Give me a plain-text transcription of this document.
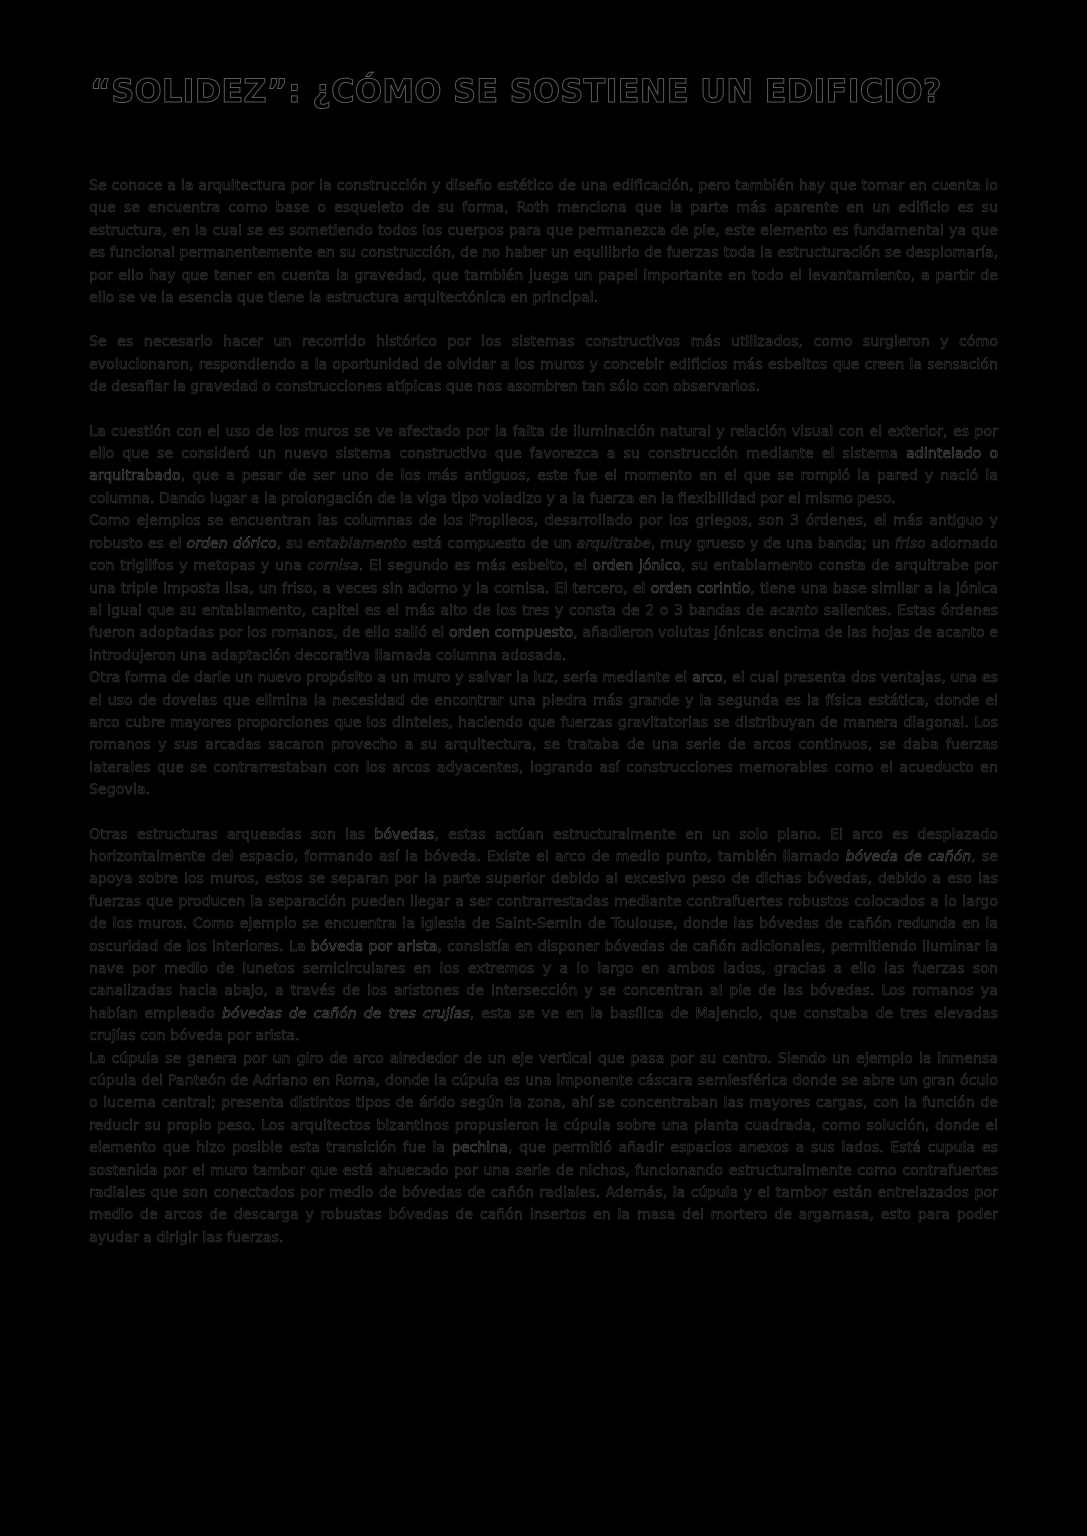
“SOLIDEZ”: ¿CÓMO SE SOSTIENE UN EDIFICIO?

Se conoce a la arquitectura por la construcción y diseño estético de una edificación, pero también hay que tomar en cuenta lo que se encuentra como base o esqueleto de su forma, Roth menciona que la parte más aparente en un edificio es su estructura, en la cual se es sometiendo todos los cuerpos para que permanezca de pie, este elemento es fundamental ya que es funcional permanentemente en su construcción, de no haber un equilibrio de fuerzas toda la estructuración se desplomaría, por ello hay que tener en cuenta la gravedad, que también juega un papel importante en todo el levantamiento, a partir de ello se ve la esencia que tiene la estructura arquitectónica en principal.

Se es necesario hacer un recorrido histórico por los sistemas constructivos más utilizados, como surgieron y cómo evolucionaron, respondiendo a la oportunidad de olvidar a los muros y concebir edificios más esbeltos que creen la sensación de desafiar la gravedad o construcciones atípicas que nos asombren tan sólo con observarlos.

La cuestión con el uso de los muros se ve afectado por la falta de iluminación natural y relación visual con el exterior, es por ello que se consideró un nuevo sistema constructivo que favorezca a su construcción mediante el sistema adintelado o arquitrabado, que a pesar de ser uno de los más antiguos, este fue el momento en el que se rompió la pared y nació la columna. Dando lugar a la prolongación de la viga tipo voladizo y a la fuerza en la flexibilidad por el mismo peso.

Como ejemplos se encuentran las columnas de los Propileos, desarrollado por los griegos, son 3 órdenes, el más antiguo y robusto es el orden dórico, su entablamento está compuesto de un arquitrabe, muy grueso y de una banda; un friso adornado con triglifos y metopas y una cornisa. El segundo es más esbelto, el orden jónico, su entablamento consta de arquitrabe por una triple imposta lisa, un friso, a veces sin adorno y la cornisa. El tercero, el orden corintio, tiene una base similar a la jónica al igual que su entablamento, capitel es el más alto de los tres y consta de 2 o 3 bandas de acanto salientes. Estas órdenes fueron adoptadas por los romanos, de ello salió el orden compuesto, añadieron volutas jónicas encima de las hojas de acanto e introdujeron una adaptación decorativa llamada columna adosada.

Otra forma de darle un nuevo propósito a un muro y salvar la luz, sería mediante el arco, el cual presenta dos ventajas, una es el uso de dovelas que elimina la necesidad de encontrar una piedra más grande y la segunda es la física estática, donde el arco cubre mayores proporciones que los dinteles, haciendo que fuerzas gravitatorias se distribuyan de manera diagonal. Los romanos y sus arcadas sacaron provecho a su arquitectura, se trataba de una serie de arcos continuos, se daba fuerzas laterales que se contrarrestaban con los arcos adyacentes, logrando así construcciones memorables como el acueducto en Segovia.

Otras estructuras arqueadas son las bóvedas, estas actúan estructuralmente en un solo plano. El arco es desplazado horizontalmente del espacio, formando así la bóveda. Existe el arco de medio punto, también llamado bóveda de cañón, se apoya sobre los muros, estos se separan por la parte superior debido al excesivo peso de dichas bóvedas, debido a eso las fuerzas que producen la separación pueden llegar a ser contrarrestadas mediante contrafuertes robustos colocados a lo largo de los muros. Como ejemplo se encuentra la iglesia de Saint-Sernin de Toulouse, donde las bóvedas de cañón redunda en la oscuridad de los interiores. La bóveda por arista, consistía en disponer bóvedas de cañón adicionales, permitiendo iluminar la nave por medio de lunetos semicirculares en los extremos y a lo largo en ambos lados, gracias a ello las fuerzas son canalizadas hacia abajo, a través de los aristones de intersección y se concentran al pie de las bóvedas. Los romanos ya habían empleado bóvedas de cañón de tres crujías, esta se ve en la basílica de Majencio, que constaba de tres elevadas crujías con bóveda por arista.

La cúpula se genera por un giro de arco alrededor de un eje vertical que pasa por su centro. Siendo un ejemplo la inmensa cúpula del Panteón de Adriano en Roma, donde la cúpula es una imponente cáscara semiesférica donde se abre un gran óculo o lucerna central; presenta distintos tipos de árido según la zona, ahí se concentraban las mayores cargas, con la función de reducir su propio peso. Los arquitectos bizantinos propusieron la cúpula sobre una planta cuadrada, como solución, donde el elemento que hizo posible esta transición fue la pechina, que permitió añadir espacios anexos a sus lados. Está cupula es sostenida por el muro tambor que está ahuecado por una serie de nichos, funcionando estructuralmente como contrafuertes radiales que son conectados por medio de bóvedas de cañón radiales. Además, la cúpula y el tambor están entrelazados por medio de arcos de descarga y robustas bóvedas de cañón insertos en la masa del mortero de argamasa, esto para poder ayudar a dirigir las fuerzas.
